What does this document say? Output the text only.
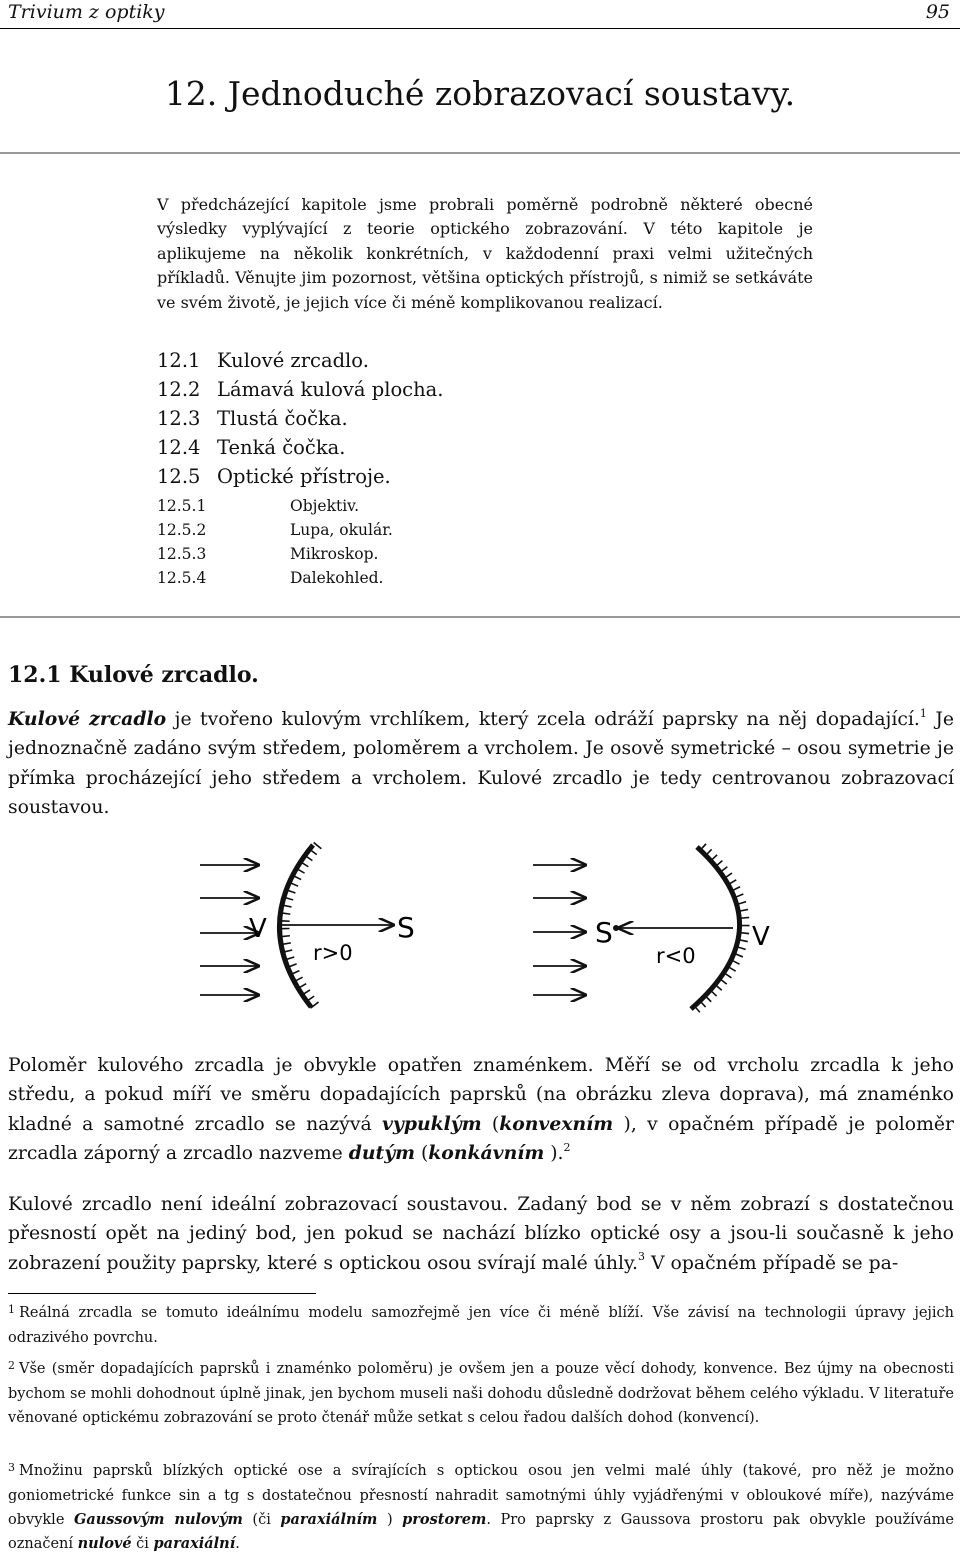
Trivium z optiky	95
12. Jednoduché zobrazovací soustavy.
V předcházející kapitole jsme probrali poměrně podrobně některé obecné výsledky vyplývající z teorie optického zobrazování. V této kapitole je aplikujeme na několik konkrétních, v každodenní praxi velmi užitečných příkladů. Věnujte jim pozornost, většina optických přístrojů, s nimiž se setkáváte ve svém životě, je jejich více či méně komplikovanou realizací.
12.1 Kulové zrcadlo.
12.2 Lámavá kulová plocha.
12.3 Tlustá čočka.
12.4 Tenká čočka.
12.5 Optické přístroje.
12.5.1	Objektiv.
12.5.2	Lupa, okulár.
12.5.3	Mikroskop.
12.5.4	Dalekohled.
12.1 Kulové zrcadlo.
Kulové zrcadlo je tvořeno kulovým vrchlíkem, který zcela odráží paprsky na něj dopadající.$^1$ Je jednoznačně zadáno svým středem, poloměrem a vrcholem. Je osově symetrické – osou symetrie je přímka procházející jeho středem a vrcholem. Kulové zrcadlo je tedy centrovanou zobrazovací soustavou.
V	S
r>0
S	V
r<0
Poloměr kulového zrcadla je obvykle opatřen znaménkem. Měří se od vrcholu zrcadla k jeho středu, a pokud míří ve směru dopadajících paprsků (na obrázku zleva doprava), má znaménko kladné a samotné zrcadlo se nazývá vypuklým (konvexním ), v opačném případě je poloměr zrcadla záporný a zrcadlo nazveme dutým (konkávním ).$^2$
Kulové zrcadlo není ideální zobrazovací soustavou. Zadaný bod se v něm zobrazí s dostatečnou přesností opět na jediný bod, jen pokud se nachází blízko optické osy a jsou-li současně k jeho zobrazení použity paprsky, které s optickou osou svírají malé úhly.$^3$ V opačném případě se pa-
$^1$ Reálná zrcadla se tomuto ideálnímu modelu samozřejmě jen více či méně blíží. Vše závisí na technologii úpravy jejich odrazivého povrchu.
$^2$ Vše (směr dopadajících paprsků i znaménko poloměru) je ovšem jen a pouze věcí dohody, konvence. Bez újmy na obecnosti bychom se mohli dohodnout úplně jinak, jen bychom museli naši dohodu důsledně dodržovat během celého výkladu. V literatuře věnované optickému zobrazování se proto čtenář může setkat s celou řadou dalších dohod (konvencí).
$^3$ Množinu paprsků blízkých optické ose a svírajících s optickou osou jen velmi malé úhly (takové, pro něž je možno goniometrické funkce sin a tg s dostatečnou přesností nahradit samotnými úhly vyjádřenými v obloukové míře), nazýváme obvykle Gaussovým nulovým (či paraxiálním ) prostorem. Pro paprsky z Gaussova prostoru pak obvykle používáme označení nulové či paraxiální.
